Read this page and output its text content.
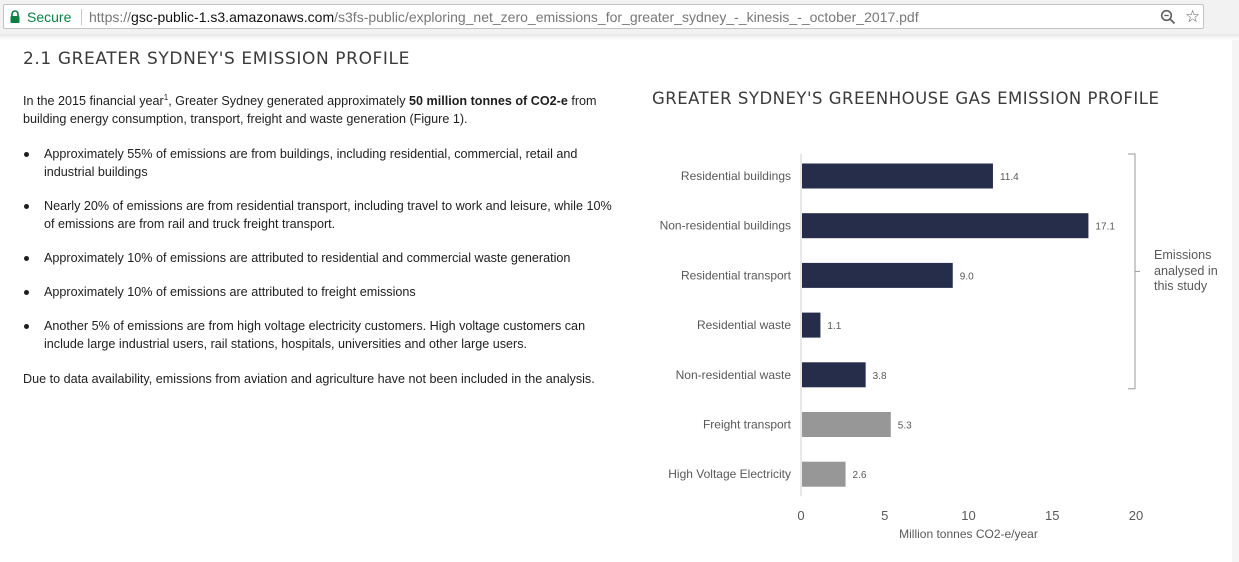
Secure https://gsc-public-1.s3.amazonaws.com/s3fs-public/exploring_net_zero_emissions_for_greater_sydney_-_kinesis_-_october_2017.pdf	☆
2.1 GREATER SYDNEY'S EMISSION PROFILE
In the 2015 financial year$^1$, Greater Sydney generated approximately 50 million tonnes of CO2-e from building energy consumption, transport, freight and waste generation (Figure 1).
Approximately 55% of emissions are from buildings, including residential, commercial, retail and industrial buildings
Nearly 20% of emissions are from residential transport, including travel to work and leisure, while 10% of emissions are from rail and truck freight transport.
Approximately 10% of emissions are attributed to residential and commercial waste generation
Approximately 10% of emissions are attributed to freight emissions
Another 5% of emissions are from high voltage electricity customers. High voltage customers can include large industrial users, rail stations, hospitals, universities and other large users.
Due to data availability, emissions from aviation and agriculture have not been included in the analysis.
GREATER SYDNEY'S GREENHOUSE GAS EMISSION PROFILE
Residential buildings	11.4
Non-residential buildings	17.1
Residential transport	9.0
Residential waste	1.1
Non-residential waste	3.8
Freight transport	5.3
High Voltage Electricity	2.6
0	5	10	15	20
Million tonnes CO2-e/year
Emissions analysed in this study
